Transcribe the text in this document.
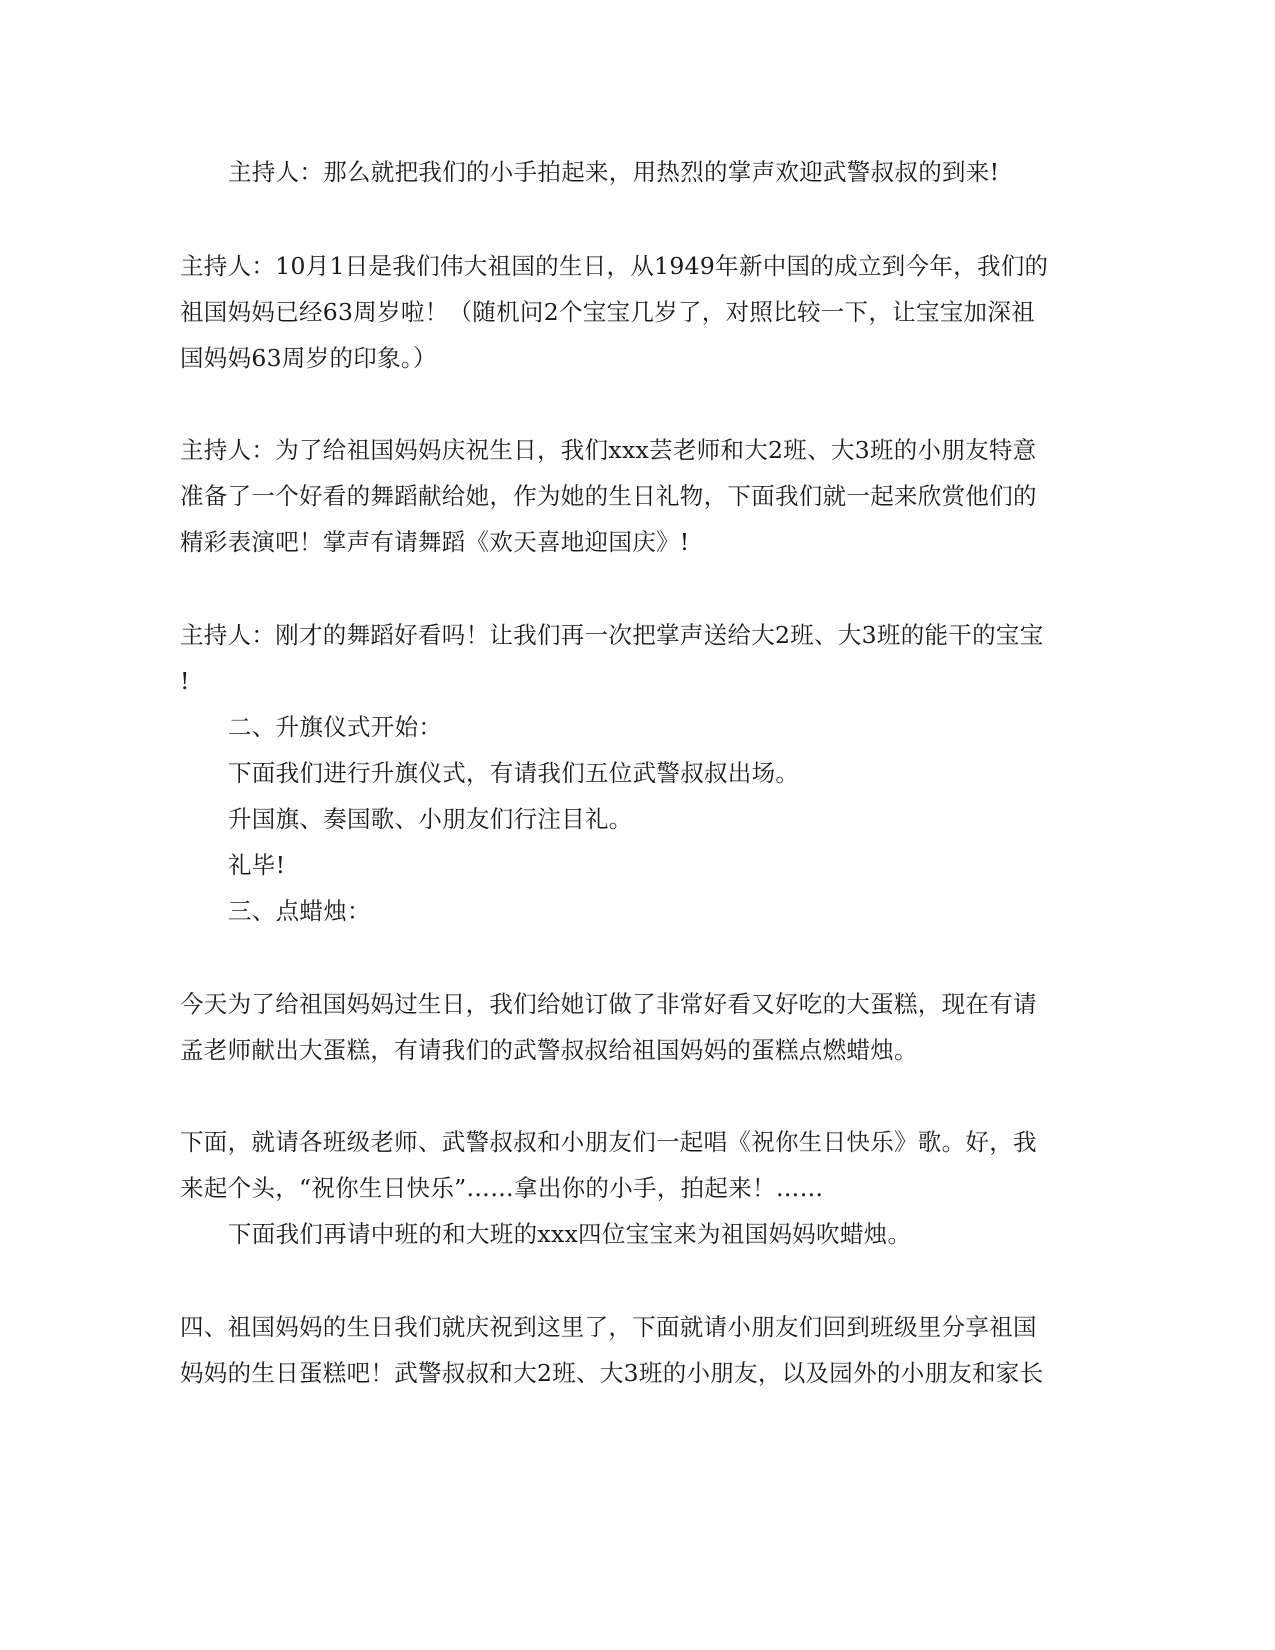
主持人：那么就把我们的小手拍起来，用热烈的掌声欢迎武警叔叔的到来!
主持人：10月1日是我们伟大祖国的生日，从1949年新中国的成立到今年，我们的
祖国妈妈已经63周岁啦！（随机问2个宝宝几岁了，对照比较一下，让宝宝加深祖
国妈妈63周岁的印象。）
主持人：为了给祖国妈妈庆祝生日，我们xxx芸老师和大2班、大3班的小朋友特意
准备了一个好看的舞蹈献给她，作为她的生日礼物，下面我们就一起来欣赏他们的
精彩表演吧！掌声有请舞蹈《欢天喜地迎国庆》!
主持人：刚才的舞蹈好看吗！让我们再一次把掌声送给大2班、大3班的能干的宝宝
!
二、升旗仪式开始：
下面我们进行升旗仪式，有请我们五位武警叔叔出场。
升国旗、奏国歌、小朋友们行注目礼。
礼毕!
三、点蜡烛：
今天为了给祖国妈妈过生日，我们给她订做了非常好看又好吃的大蛋糕，现在有请
孟老师献出大蛋糕，有请我们的武警叔叔给祖国妈妈的蛋糕点燃蜡烛。
下面，就请各班级老师、武警叔叔和小朋友们一起唱《祝你生日快乐》歌。好，我
来起个头，“祝你生日快乐”……拿出你的小手，拍起来！……
下面我们再请中班的和大班的xxx四位宝宝来为祖国妈妈吹蜡烛。
四、祖国妈妈的生日我们就庆祝到这里了，下面就请小朋友们回到班级里分享祖国
妈妈的生日蛋糕吧！武警叔叔和大2班、大3班的小朋友，以及园外的小朋友和家长
